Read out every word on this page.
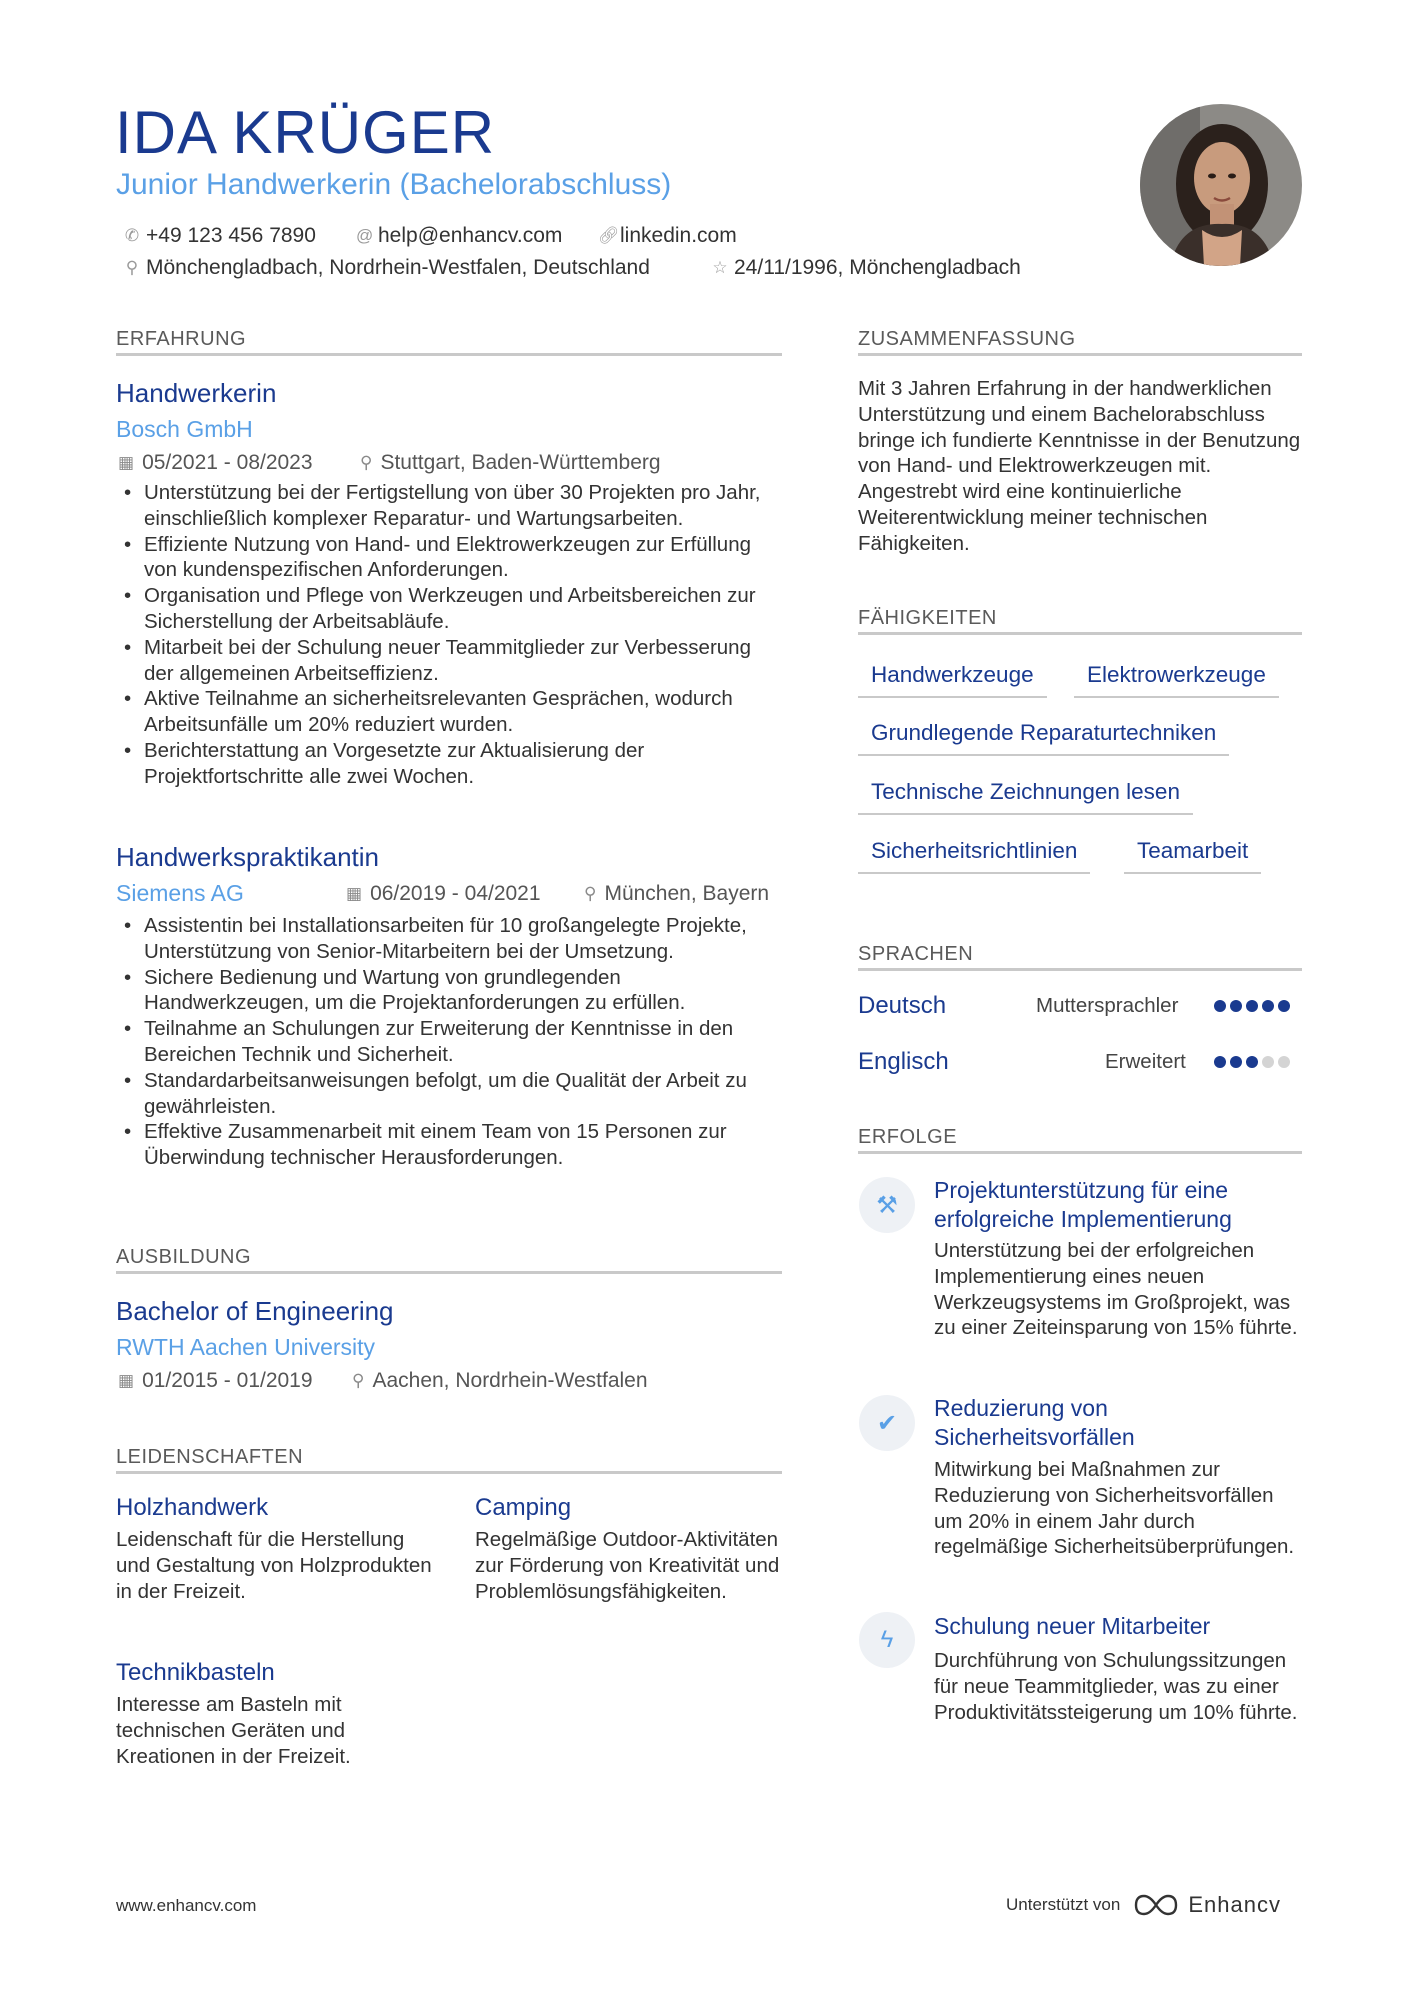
IDA KRÜGER
Junior Handwerkerin (Bachelorabschluss)
✆ +49 123 456 7890 @ help@enhancv.com 🔗︎ linkedin.com
⚲ Mönchengladbach, Nordrhein-Westfalen, Deutschland	☆ 24/11/1996, Mönchengladbach
ERFAHRUNG
Handwerkerin
Bosch GmbH
▦ 05/2021 - 08/2023	⚲ Stuttgart, Baden-Württemberg
• Unterstützung bei der Fertigstellung von über 30 Projekten pro Jahr, einschließlich komplexer Reparatur- und Wartungsarbeiten.
• Effiziente Nutzung von Hand- und Elektrowerkzeugen zur Erfüllung von kundenspezifischen Anforderungen.
• Organisation und Pflege von Werkzeugen und Arbeitsbereichen zur Sicherstellung der Arbeitsabläufe.
• Mitarbeit bei der Schulung neuer Teammitglieder zur Verbesserung der allgemeinen Arbeitseffizienz.
• Aktive Teilnahme an sicherheitsrelevanten Gesprächen, wodurch Arbeitsunfälle um 20% reduziert wurden.
• Berichterstattung an Vorgesetzte zur Aktualisierung der Projektfortschritte alle zwei Wochen.
Handwerkspraktikantin
Siemens AG	▦ 06/2019 - 04/2021	⚲ München, Bayern
• Assistentin bei Installationsarbeiten für 10 großangelegte Projekte, Unterstützung von Senior-Mitarbeitern bei der Umsetzung.
• Sichere Bedienung und Wartung von grundlegenden Handwerkzeugen, um die Projektanforderungen zu erfüllen.
• Teilnahme an Schulungen zur Erweiterung der Kenntnisse in den Bereichen Technik und Sicherheit.
• Standardarbeitsanweisungen befolgt, um die Qualität der Arbeit zu gewährleisten.
• Effektive Zusammenarbeit mit einem Team von 15 Personen zur Überwindung technischer Herausforderungen.
AUSBILDUNG
Bachelor of Engineering
RWTH Aachen University
▦ 01/2015 - 01/2019 ⚲ Aachen, Nordrhein-Westfalen
LEIDENSCHAFTEN
Holzhandwerk
Leidenschaft für die Herstellung und Gestaltung von Holzprodukten in der Freizeit.
Camping
Regelmäßige Outdoor-Aktivitäten zur Förderung von Kreativität und Problemlösungsfähigkeiten.
Technikbasteln
Interesse am Basteln mit technischen Geräten und Kreationen in der Freizeit.
ZUSAMMENFASSUNG
Mit 3 Jahren Erfahrung in der handwerklichen Unterstützung und einem Bachelorabschluss bringe ich fundierte Kenntnisse in der Benutzung von Hand- und Elektrowerkzeugen mit. Angestrebt wird eine kontinuierliche Weiterentwicklung meiner technischen Fähigkeiten.
FÄHIGKEITEN
Handwerkzeuge	Elektrowerkzeuge
Grundlegende Reparaturtechniken
Technische Zeichnungen lesen
Sicherheitsrichtlinien	Teamarbeit
SPRACHEN
Deutsch	Muttersprachler
Englisch	Erweitert
ERFOLGE
⚒
Projektunterstützung für eine erfolgreiche Implementierung
Unterstützung bei der erfolgreichen Implementierung eines neuen Werkzeugsystems im Großprojekt, was zu einer Zeiteinsparung von 15% führte.
✔
Reduzierung von Sicherheitsvorfällen
Mitwirkung bei Maßnahmen zur Reduzierung von Sicherheitsvorfällen um 20% in einem Jahr durch regelmäßige Sicherheitsüberprüfungen.
ϟ	Schulung neuer Mitarbeiter
Durchführung von Schulungssitzungen für neue Teammitglieder, was zu einer Produktivitätssteigerung um 10% führte.
www.enhancv.com	Unterstützt von	Enhancv
